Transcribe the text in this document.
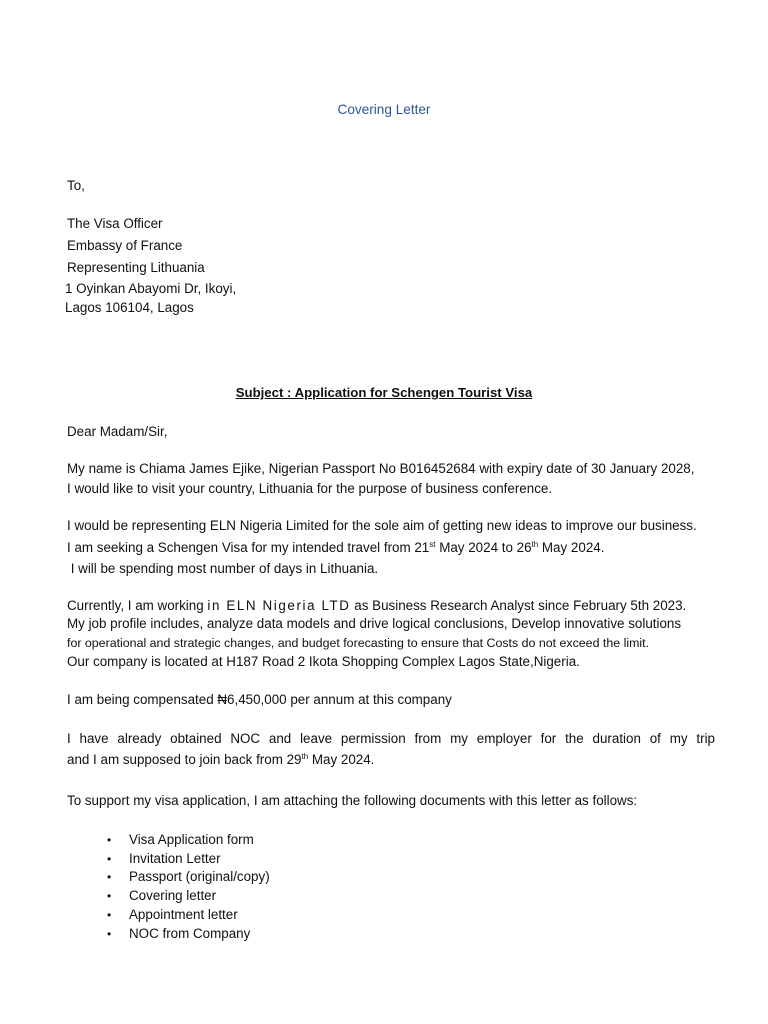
Covering Letter

To,

The Visa Officer

Embassy of France

Representing Lithuania

1 Oyinkan Abayomi Dr, Ikoyi,

Lagos 106104, Lagos

Subject : Application for Schengen Tourist Visa

Dear Madam/Sir,

My name is Chiama James Ejike, Nigerian Passport No B016452684 with expiry date of 30 January 2028,

I would like to visit your country, Lithuania for the purpose of business conference.

I would be representing ELN Nigeria Limited for the sole aim of getting new ideas to improve our business.

I am seeking a Schengen Visa for my intended travel from 21st May 2024 to 26th May 2024.

I will be spending most number of days in Lithuania.

Currently, I am working in ELN Nigeria LTD as Business Research Analyst since February 5th 2023.

My job profile includes, analyze data models and drive logical conclusions, Develop innovative solutions

for operational and strategic changes, and budget forecasting to ensure that Costs do not exceed the limit.

Our company is located at H187 Road 2 Ikota Shopping Complex Lagos State,Nigeria.

I am being compensated ₦6,450,000 per annum at this company

I have already obtained NOC and leave permission from my employer for the duration of my trip

and I am supposed to join back from 29th May 2024.

To support my visa application, I am attaching the following documents with this letter as follows:

• Visa Application form

• Invitation Letter

• Passport (original/copy)

• Covering letter

• Appointment letter

• NOC from Company
